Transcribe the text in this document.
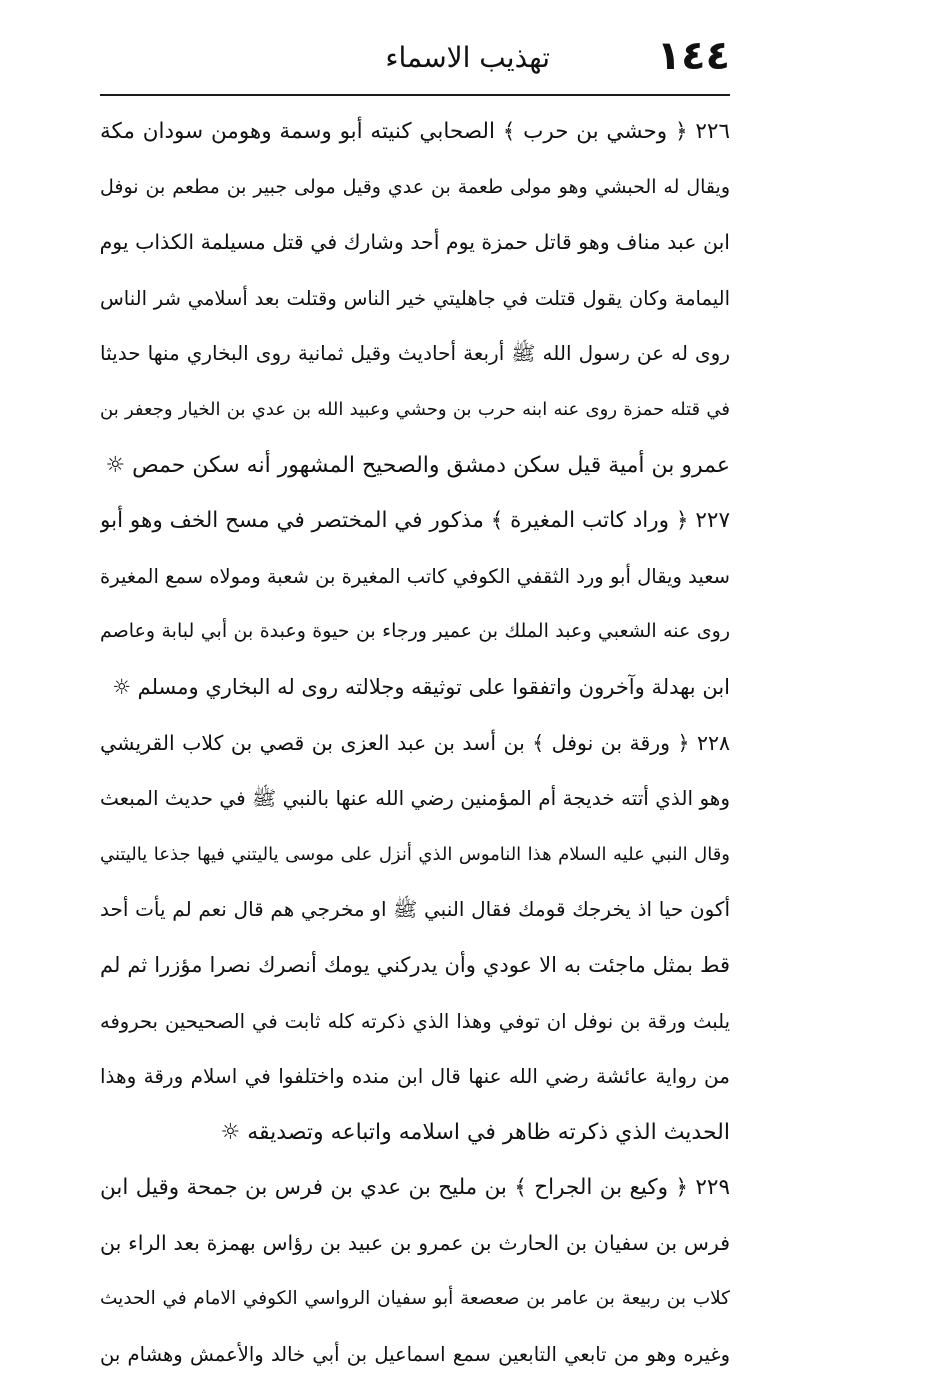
١٤٤
تهذيب الاسماء
٢٢٦ ﴿ وحشي بن حرب ﴾ الصحابي كنيته أبو وسمة وهومن سودان مكة
ويقال له الحبشي وهو مولى طعمة بن عدي وقيل مولى جبير بن مطعم بن نوفل
ابن عبد مناف وهو قاتل حمزة يوم أحد وشارك في قتل مسيلمة الكذاب يوم
اليمامة وكان يقول قتلت في جاهليتي خير الناس وقتلت بعد أسلامي شر الناس
روى له عن رسول الله ﷺ أربعة أحاديث وقيل ثمانية روى البخاري منها حديثا
في قتله حمزة روى عنه ابنه حرب بن وحشي وعبيد الله بن عدي بن الخيار وجعفر بن
عمرو بن أمية قيل سكن دمشق والصحيح المشهور أنه سكن حمص ☼
٢٢٧ ﴿ وراد كاتب المغيرة ﴾ مذكور في المختصر في مسح الخف وهو أبو
سعيد ويقال أبو ورد الثقفي الكوفي كاتب المغيرة بن شعبة ومولاه سمع المغيرة
روى عنه الشعبي وعبد الملك بن عمير ورجاء بن حيوة وعبدة بن أبي لبابة وعاصم
ابن بهدلة وآخرون واتفقوا على توثيقه وجلالته روى له البخاري ومسلم ☼
٢٢٨ ﴿ ورقة بن نوفل ﴾ بن أسد بن عبد العزى بن قصي بن كلاب القريشي
وهو الذي أتته خديجة أم المؤمنين رضي الله عنها بالنبي ﷺ في حديث المبعث
وقال النبي عليه السلام هذا الناموس الذي أنزل على موسى ياليتني فيها جذعا ياليتني
أكون حيا اذ يخرجك قومك فقال النبي ﷺ او مخرجي هم قال نعم لم يأت أحد
قط بمثل ماجئت به الا عودي وأن يدركني يومك أنصرك نصرا مؤزرا ثم لم
يلبث ورقة بن نوفل ان توفي وهذا الذي ذكرته كله ثابت في الصحيحين بحروفه
من رواية عائشة رضي الله عنها قال ابن منده واختلفوا في اسلام ورقة وهذا
الحديث الذي ذكرته ظاهر في اسلامه واتباعه وتصديقه ☼
٢٢٩ ﴿ وكيع بن الجراح ﴾ بن مليح بن عدي بن فرس بن جمحة وقيل ابن
فرس بن سفيان بن الحارث بن عمرو بن عبيد بن رؤاس بهمزة بعد الراء بن
كلاب بن ربيعة بن عامر بن صعصعة أبو سفيان الرواسي الكوفي الامام في الحديث
وغيره وهو من تابعي التابعين سمع اسماعيل بن أبي خالد والأعمش وهشام بن
